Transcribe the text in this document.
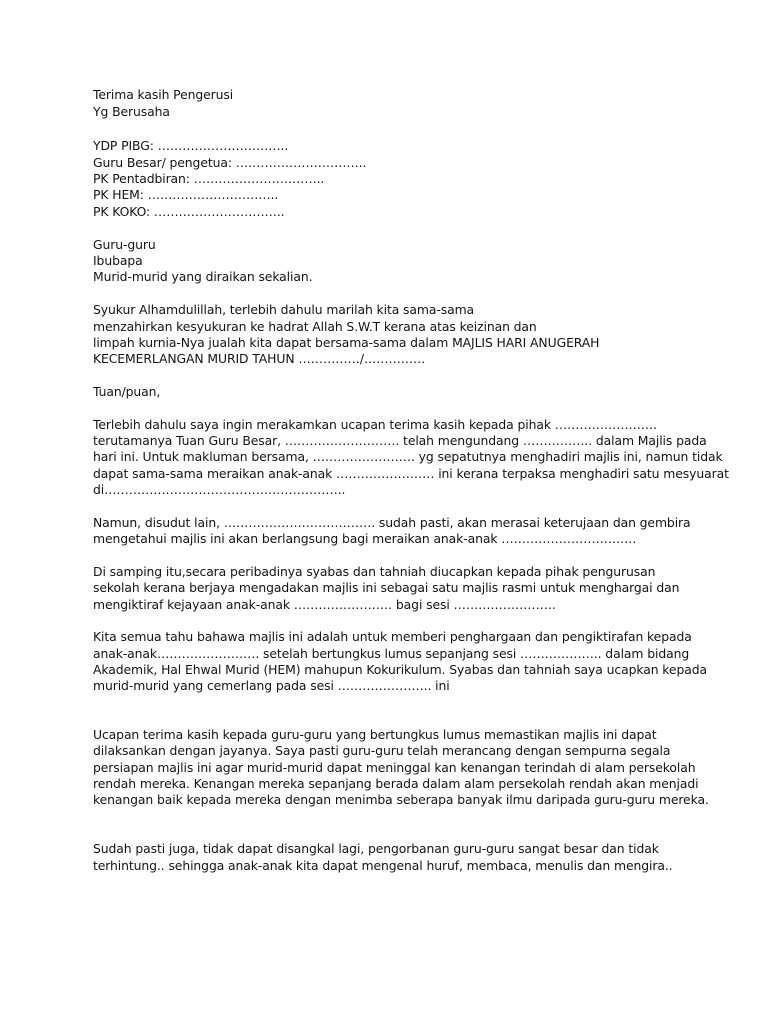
Terima kasih Pengerusi
Yg Berusaha
YDP PIBG: …………………………..
Guru Besar/ pengetua: …………………………..
PK Pentadbiran: …………………………..
PK HEM: …………………………..
PK KOKO: …………………………..
Guru-guru
Ibubapa
Murid-murid yang diraikan sekalian.
Syukur Alhamdulillah, terlebih dahulu marilah kita sama-sama
menzahirkan kesyukuran ke hadrat Allah S.W.T kerana atas keizinan dan
limpah kurnia-Nya jualah kita dapat bersama-sama dalam MAJLIS HARI ANUGERAH
KECEMERLANGAN MURID TAHUN ……………/……………
Tuan/puan,
Terlebih dahulu saya ingin merakamkan ucapan terima kasih kepada pihak …………………….
terutamanya Tuan Guru Besar, ………………………. telah mengundang …………….. dalam Majlis pada
hari ini. Untuk makluman bersama, ……………………. yg sepatutnya menghadiri majlis ini, namun tidak
dapat sama-sama meraikan anak-anak …………………… ini kerana terpaksa menghadiri satu mesyuarat
di…………………………………………………..
Namun, disudut lain, ………………………………. sudah pasti, akan merasai keterujaan dan gembira
mengetahui majlis ini akan berlangsung bagi meraikan anak-anak ……………………………
Di samping itu,secara peribadinya syabas dan tahniah diucapkan kepada pihak pengurusan
sekolah kerana berjaya mengadakan majlis ini sebagai satu majlis rasmi untuk menghargai dan
mengiktiraf kejayaan anak-anak …………………… bagi sesi …………………….
Kita semua tahu bahawa majlis ini adalah untuk memberi penghargaan dan pengiktirafan kepada
anak-anak……………………. setelah bertungkus lumus sepanjang sesi ……………….. dalam bidang
Akademik, Hal Ehwal Murid (HEM) mahupun Kokurikulum. Syabas dan tahniah saya ucapkan kepada
murid-murid yang cemerlang pada sesi ………………….. ini
Ucapan terima kasih kepada guru-guru yang bertungkus lumus memastikan majlis ini dapat
dilaksankan dengan jayanya. Saya pasti guru-guru telah merancang dengan sempurna segala
persiapan majlis ini agar murid-murid dapat meninggal kan kenangan terindah di alam persekolah
rendah mereka. Kenangan mereka sepanjang berada dalam alam persekolah rendah akan menjadi
kenangan baik kepada mereka dengan menimba seberapa banyak ilmu daripada guru-guru mereka.
Sudah pasti juga, tidak dapat disangkal lagi, pengorbanan guru-guru sangat besar dan tidak
terhintung.. sehingga anak-anak kita dapat mengenal huruf, membaca, menulis dan mengira..
